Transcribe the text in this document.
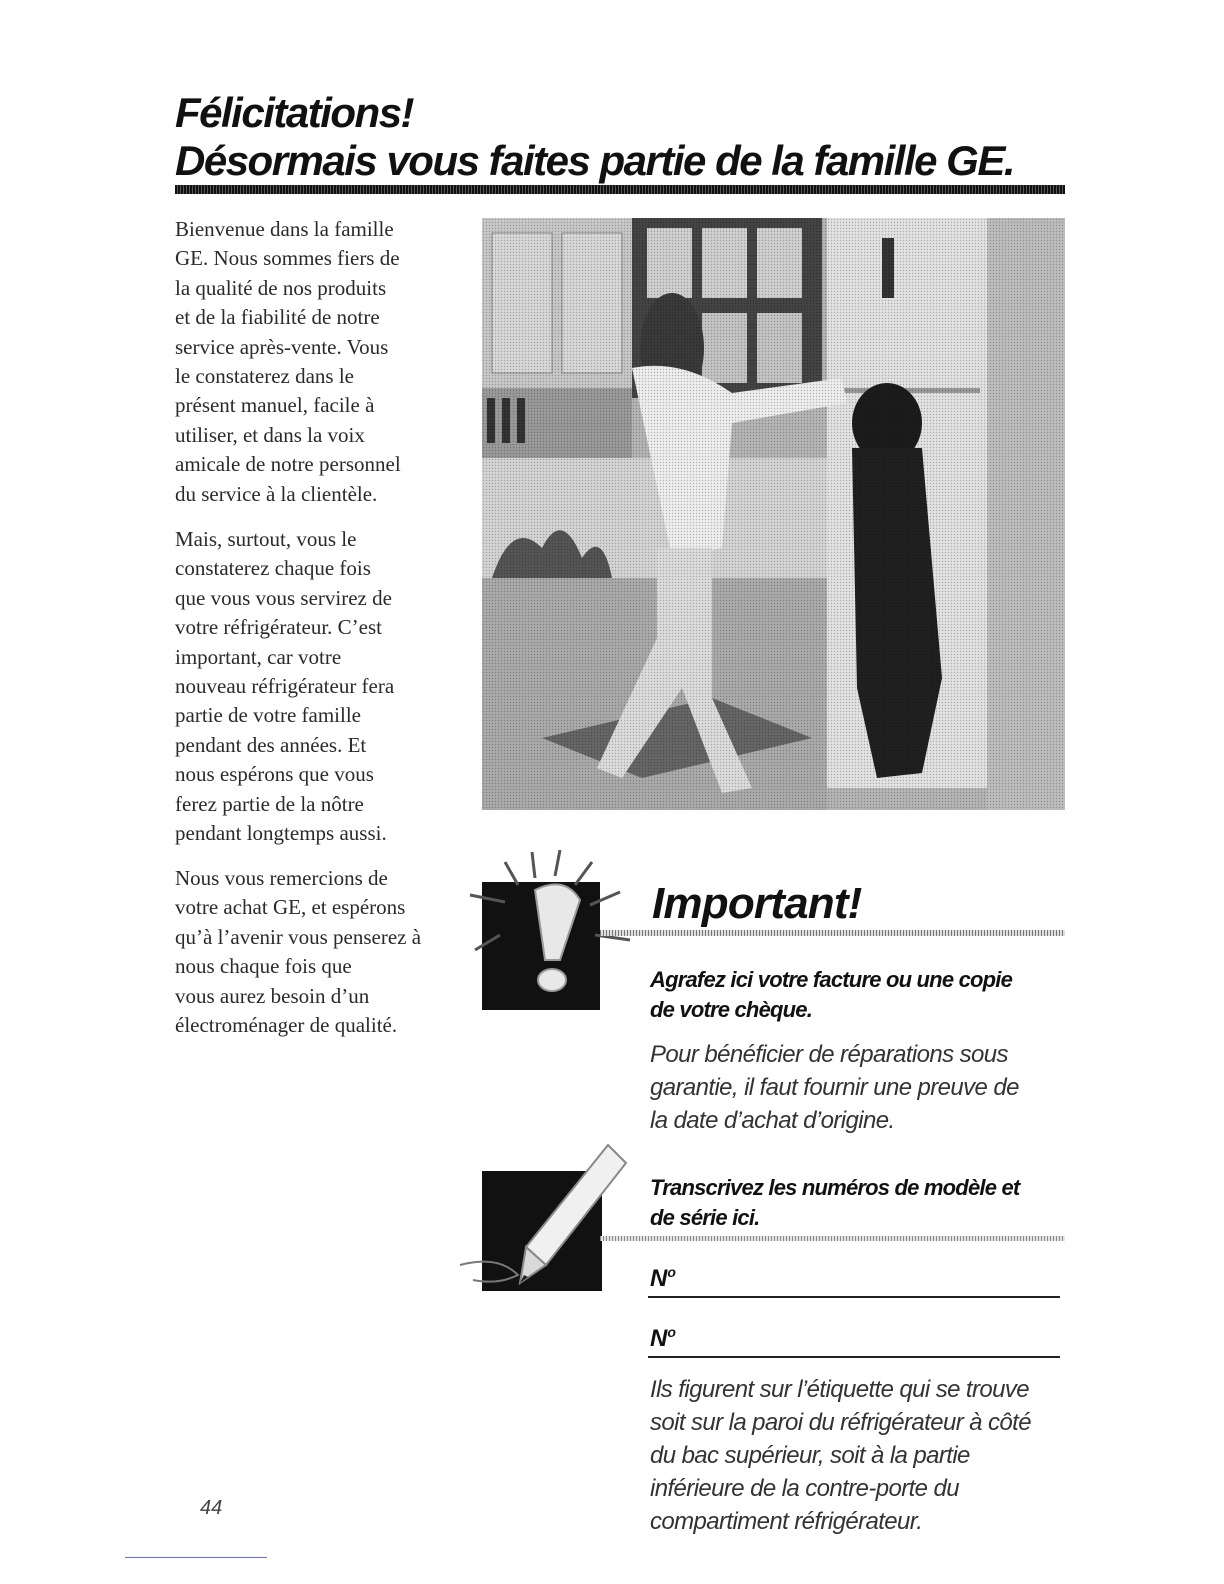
Félicitations!
Désormais vous faites partie de la famille GE.

Bienvenue dans la famille
GE. Nous sommes fiers de
la qualité de nos produits
et de la fiabilité de notre
service après-vente. Vous
le constaterez dans le
présent manuel, facile à
utiliser, et dans la voix
amicale de notre personnel
du service à la clientèle.

Mais, surtout, vous le
constaterez chaque fois
que vous vous servirez de
votre réfrigérateur. C’est
important, car votre
nouveau réfrigérateur fera
partie de votre famille
pendant des années. Et
nous espérons que vous
ferez partie de la nôtre
pendant longtemps aussi.

Nous vous remercions de
votre achat GE, et espérons
qu’à l’avenir vous penserez à
nous chaque fois que
vous aurez besoin d’un
électroménager de qualité.

Important!
Agrafez ici votre facture ou une copie
de votre chèque.

Pour bénéficier de réparations sous
garantie, il faut fournir une preuve de
la date d’achat d’origine.

Transcrivez les numéros de modèle et
de série ici.
$N^o$
$N^o$

Ils figurent sur l’étiquette qui se trouve
soit sur la paroi du réfrigérateur à côté
du bac supérieur, soit à la partie
inférieure de la contre-porte du
compartiment réfrigérateur.

44
